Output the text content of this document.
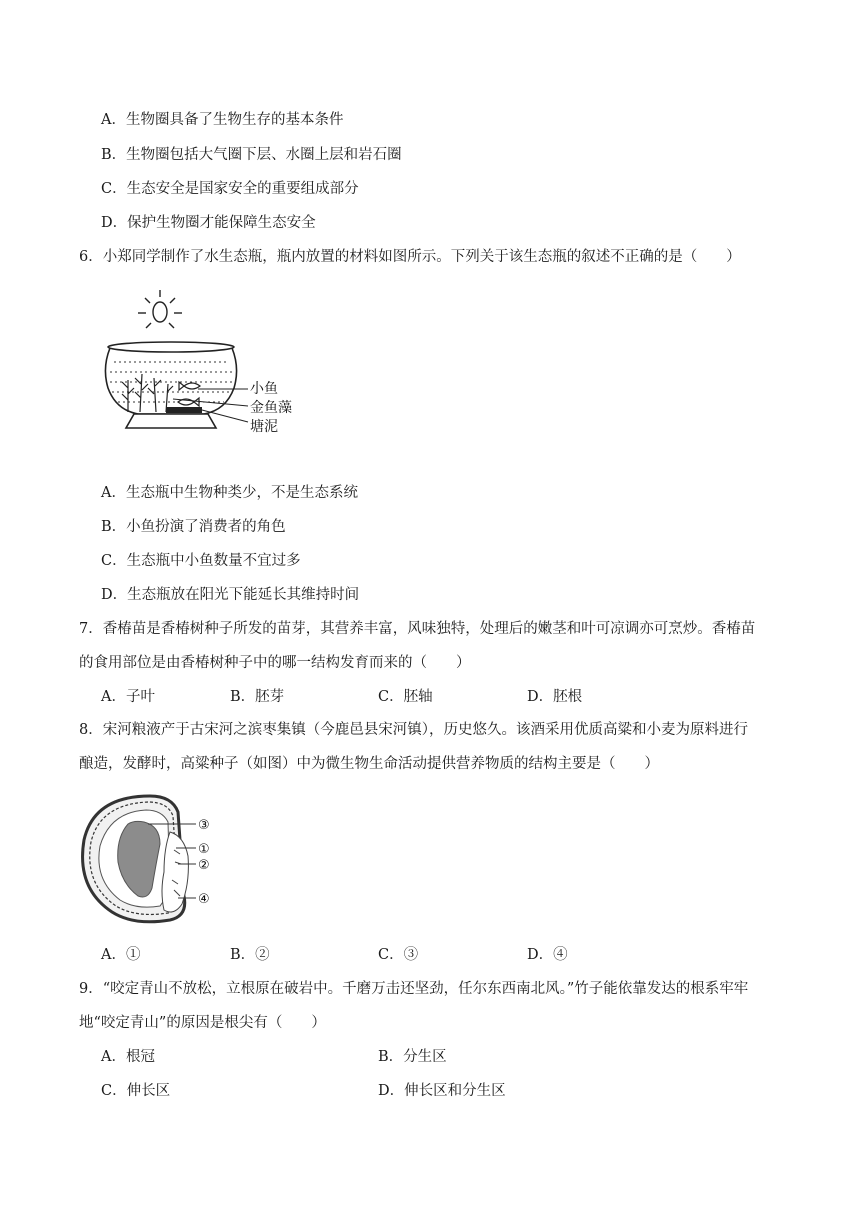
A．生物圈具备了生物生存的基本条件
B．生物圈包括大气圈下层、水圈上层和岩石圈
C．生态安全是国家安全的重要组成部分
D．保护生物圈才能保障生态安全
6．小郑同学制作了水生态瓶，瓶内放置的材料如图所示。下列关于该生态瓶的叙述不正确的是（　　）
小鱼
金鱼藻
塘泥
A．生态瓶中生物种类少，不是生态系统
B．小鱼扮演了消费者的角色
C．生态瓶中小鱼数量不宜过多
D．生态瓶放在阳光下能延长其维持时间
7．香椿苗是香椿树种子所发的苗芽，其营养丰富，风味独特，处理后的嫩茎和叶可凉调亦可烹炒。香椿苗
的食用部位是由香椿树种子中的哪一结构发育而来的（　　）
A．子叶	B．胚芽	C．胚轴	D．胚根
8．宋河粮液产于古宋河之滨枣集镇（今鹿邑县宋河镇），历史悠久。该酒采用优质高粱和小麦为原料进行
酿造，发酵时，高粱种子（如图）中为微生物生命活动提供营养物质的结构主要是（　　）
③
①
②
④
A．①	B．②	C．③	D．④
9．“咬定青山不放松，立根原在破岩中。千磨万击还坚劲，任尔东西南北风。”竹子能依靠发达的根系牢牢
地“咬定青山”的原因是根尖有（　　）
A．根冠	B．分生区
C．伸长区	D．伸长区和分生区
